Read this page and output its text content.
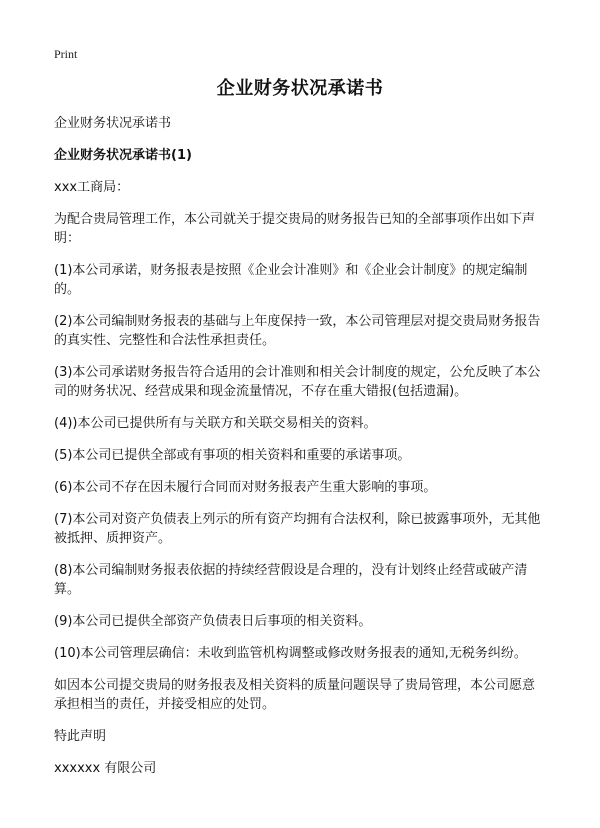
Print
企业财务状况承诺书
企业财务状况承诺书
企业财务状况承诺书(1)
xxx工商局：
为配合贵局管理工作，本公司就关于提交贵局的财务报告已知的全部事项作出如下声明：
(1)本公司承诺，财务报表是按照《企业会计准则》和《企业会计制度》的规定编制的。
(2)本公司编制财务报表的基础与上年度保持一致，本公司管理层对提交贵局财务报告的真实性、完整性和合法性承担责任。
(3)本公司承诺财务报告符合适用的会计准则和相关会计制度的规定，公允反映了本公司的财务状况、经营成果和现金流量情况，不存在重大错报(包括遗漏)。
(4))本公司已提供所有与关联方和关联交易相关的资料。
(5)本公司已提供全部或有事项的相关资料和重要的承诺事项。
(6)本公司不存在因未履行合同而对财务报表产生重大影响的事项。
(7)本公司对资产负债表上列示的所有资产均拥有合法权利，除已披露事项外，无其他被抵押、质押资产。
(8)本公司编制财务报表依据的持续经营假设是合理的，没有计划终止经营或破产清算。
(9)本公司已提供全部资产负债表日后事项的相关资料。
(10)本公司管理层确信：未收到监管机构调整或修改财务报表的通知,无税务纠纷。
如因本公司提交贵局的财务报表及相关资料的质量问题误导了贵局管理，本公司愿意承担相当的责任，并接受相应的处罚。
特此声明
xxxxxx 有限公司
